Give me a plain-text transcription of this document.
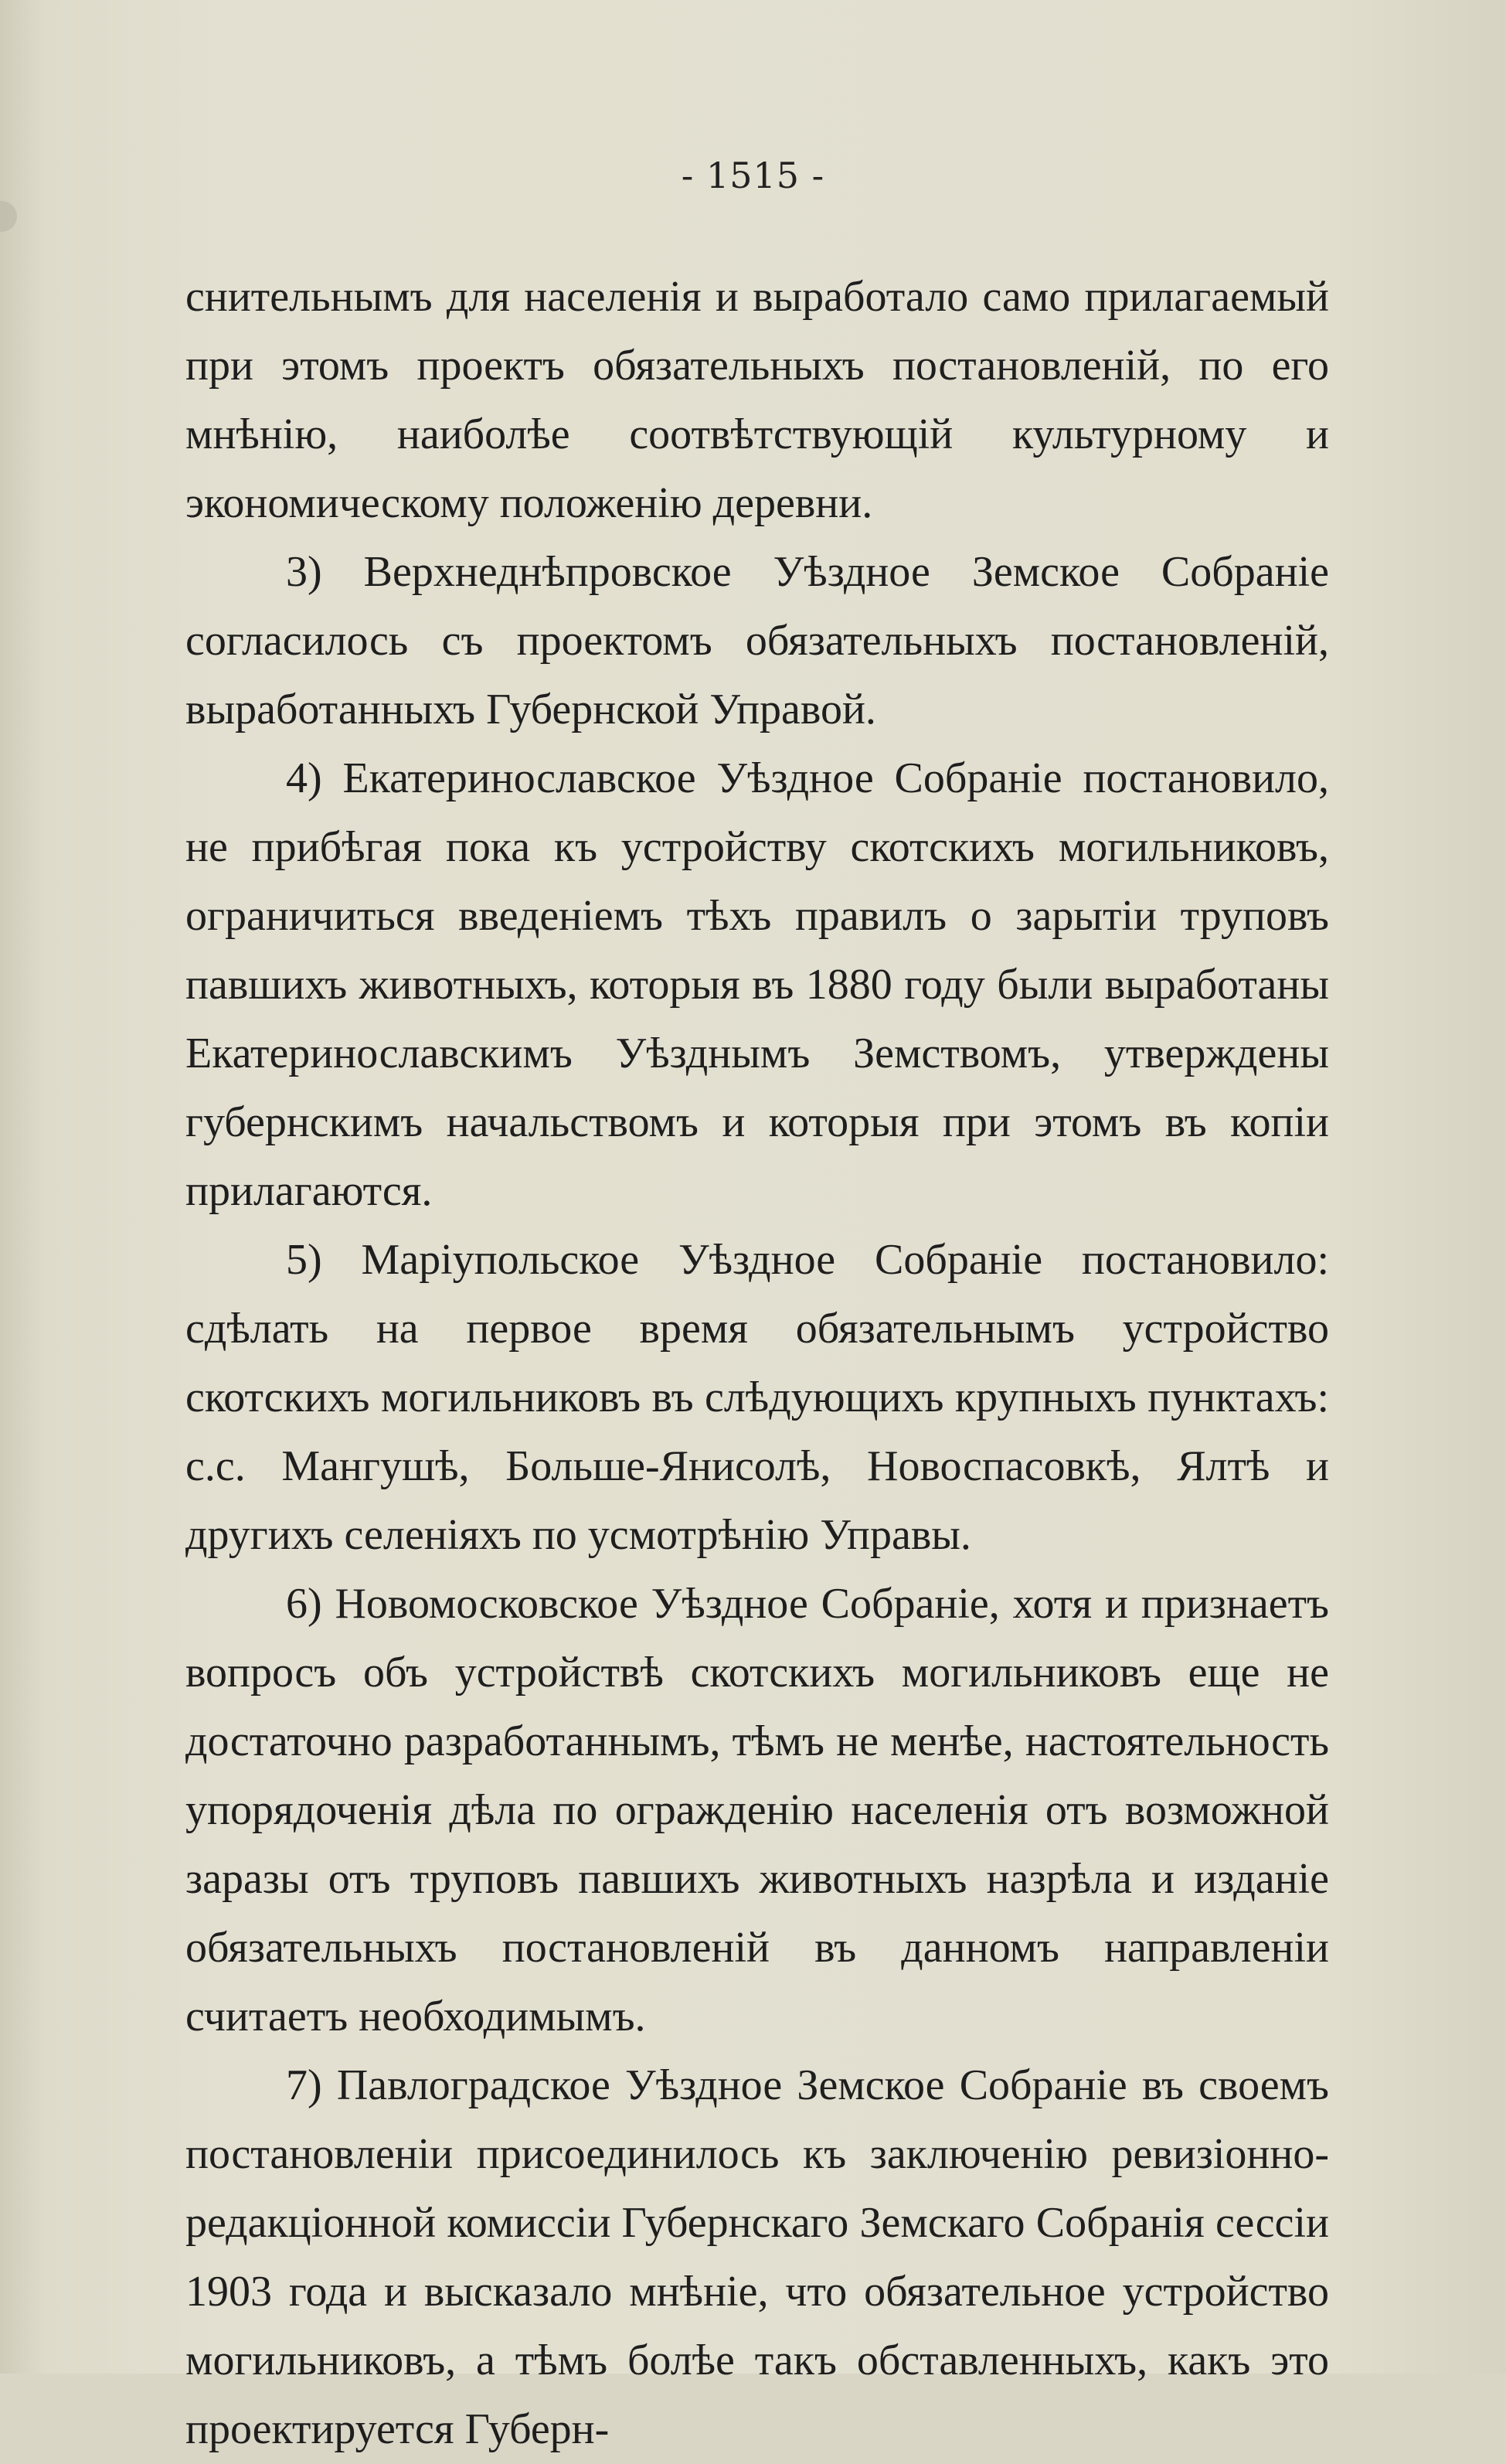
- 1515 -

снительнымъ для населенія и выработало само прилагаемый при этомъ проектъ обязательныхъ постановленій, по его мнѣнію, наиболѣе соотвѣтствующій культурному и экономическому положенію деревни.

3) Верхнеднѣпровское Уѣздное Земское Собраніе согласилось съ проектомъ обязательныхъ постановленій, выработанныхъ Губернской Управой.

4) Екатеринославское Уѣздное Собраніе постановило, не прибѣгая пока къ устройству скотскихъ могильниковъ, ограничиться введеніемъ тѣхъ правилъ о зарытіи труповъ павшихъ животныхъ, которыя въ 1880 году были выработаны Екатеринославскимъ Уѣзднымъ Земствомъ, утверждены губернскимъ начальствомъ и которыя при этомъ въ копіи прилагаются.

5) Маріупольское Уѣздное Собраніе постановило: сдѣлать на первое время обязательнымъ устройство скотскихъ могильниковъ въ слѣдующихъ крупныхъ пунктахъ: с.с. Мангушѣ, Больше-Янисолѣ, Новоспасовкѣ, Ялтѣ и другихъ селеніяхъ по усмотрѣнію Управы.

6) Новомосковское Уѣздное Собраніе, хотя и признаетъ вопросъ объ устройствѣ скотскихъ могильниковъ еще не достаточно разработаннымъ, тѣмъ не менѣе, настоятельность упорядоченія дѣла по огражденію населенія отъ возможной заразы отъ труповъ павшихъ животныхъ назрѣла и изданіе обязательныхъ постановленій въ данномъ направленіи считаетъ необходимымъ.

7) Павлоградское Уѣздное Земское Собраніе въ своемъ постановленіи присоединилось къ заключенію ревизіонно-редакціонной комиссіи Губернскаго Земскаго Собранія сессіи 1903 года и высказало мнѣніе, что обязательное устройство могильниковъ, а тѣмъ болѣе такъ обставленныхъ, какъ это проектируется Губерн-
